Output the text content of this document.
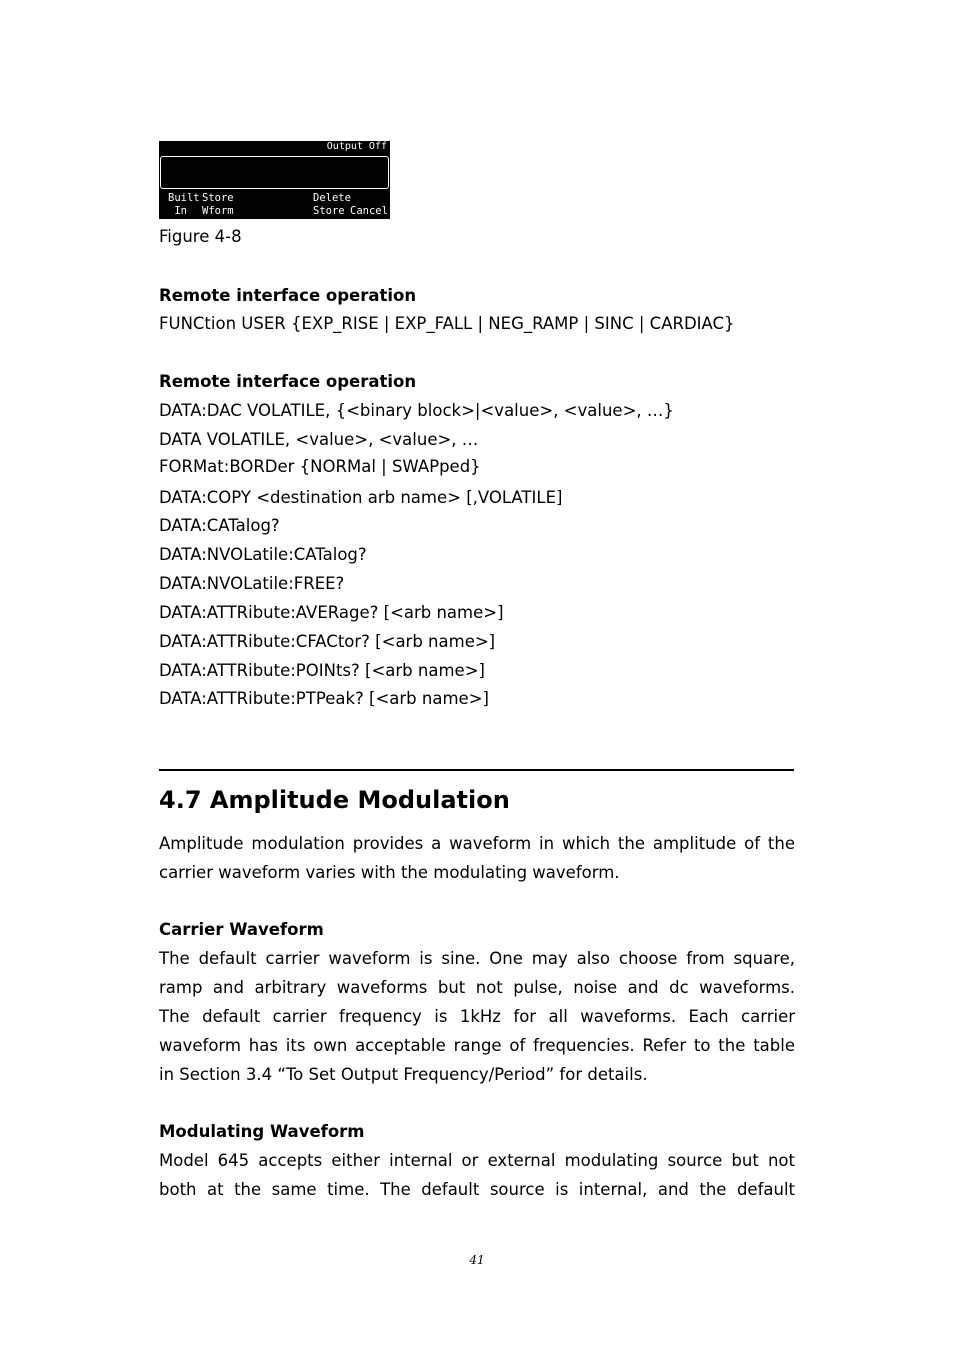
Output Off
Built
In
Store
Wform
Delete
Store Cancel
Figure 4-8
Remote interface operation
FUNCtion USER {EXP_RISE | EXP_FALL | NEG_RAMP | SINC | CARDIAC}
Remote interface operation
DATA:DAC VOLATILE, {<binary block>|<value>, <value>, …}
DATA VOLATILE, <value>, <value>, …
FORMat:BORDer {NORMal | SWAPped}
DATA:COPY <destination arb name> [,VOLATILE]
DATA:CATalog?
DATA:NVOLatile:CATalog?
DATA:NVOLatile:FREE?
DATA:ATTRibute:AVERage? [<arb name>]
DATA:ATTRibute:CFACtor? [<arb name>]
DATA:ATTRibute:POINts? [<arb name>]
DATA:ATTRibute:PTPeak? [<arb name>]
4.7 Amplitude Modulation
Amplitude modulation provides a waveform in which the amplitude of the
carrier waveform varies with the modulating waveform.
Carrier Waveform
The default carrier waveform is sine. One may also choose from square,
ramp and arbitrary waveforms but not pulse, noise and dc waveforms.
The default carrier frequency is 1kHz for all waveforms. Each carrier
waveform has its own acceptable range of frequencies. Refer to the table
in Section 3.4 “To Set Output Frequency/Period” for details.
Modulating Waveform
Model 645 accepts either internal or external modulating source but not
both at the same time. The default source is internal, and the default
41
